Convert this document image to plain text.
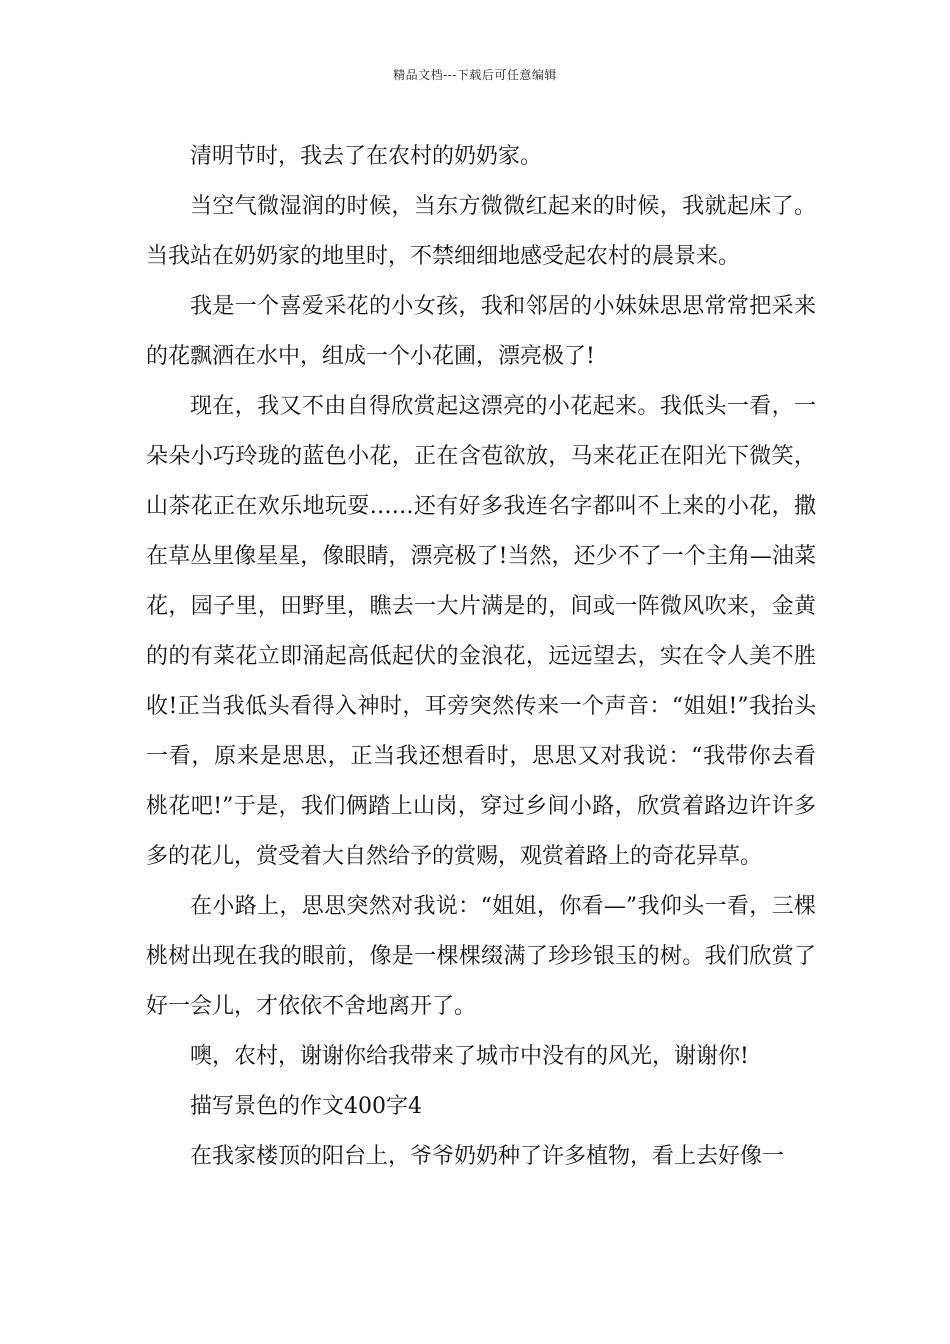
精品文档---下载后可任意编辑

清明节时，我去了在农村的奶奶家。

当空气微湿润的时候，当东方微微红起来的时候，我就起床了。当我站在奶奶家的地里时，不禁细细地感受起农村的晨景来。

我是一个喜爱采花的小女孩，我和邻居的小妹妹思思常常把采来的花飘洒在水中，组成一个小花圃，漂亮极了!

现在，我又不由自得欣赏起这漂亮的小花起来。我低头一看，一朵朵小巧玲珑的蓝色小花，正在含苞欲放，马来花正在阳光下微笑，山茶花正在欢乐地玩耍……还有好多我连名字都叫不上来的小花，撒在草丛里像星星，像眼睛，漂亮极了!当然，还少不了一个主角—油菜花，园子里，田野里，瞧去一大片满是的，间或一阵微风吹来，金黄的的有菜花立即涌起高低起伏的金浪花，远远望去，实在令人美不胜收!正当我低头看得入神时，耳旁突然传来一个声音：“姐姐!”我抬头一看，原来是思思，正当我还想看时，思思又对我说：“我带你去看桃花吧!”于是，我们俩踏上山岗，穿过乡间小路，欣赏着路边许许多多的花儿，赏受着大自然给予的赏赐，观赏着路上的奇花异草。

在小路上，思思突然对我说：“姐姐，你看—”我仰头一看，三棵桃树出现在我的眼前，像是一棵棵缀满了珍珍银玉的树。我们欣赏了好一会儿，才依依不舍地离开了。

噢，农村，谢谢你给我带来了城市中没有的风光，谢谢你!

描写景色的作文400字4

在我家楼顶的阳台上，爷爷奶奶种了许多植物，看上去好像一
